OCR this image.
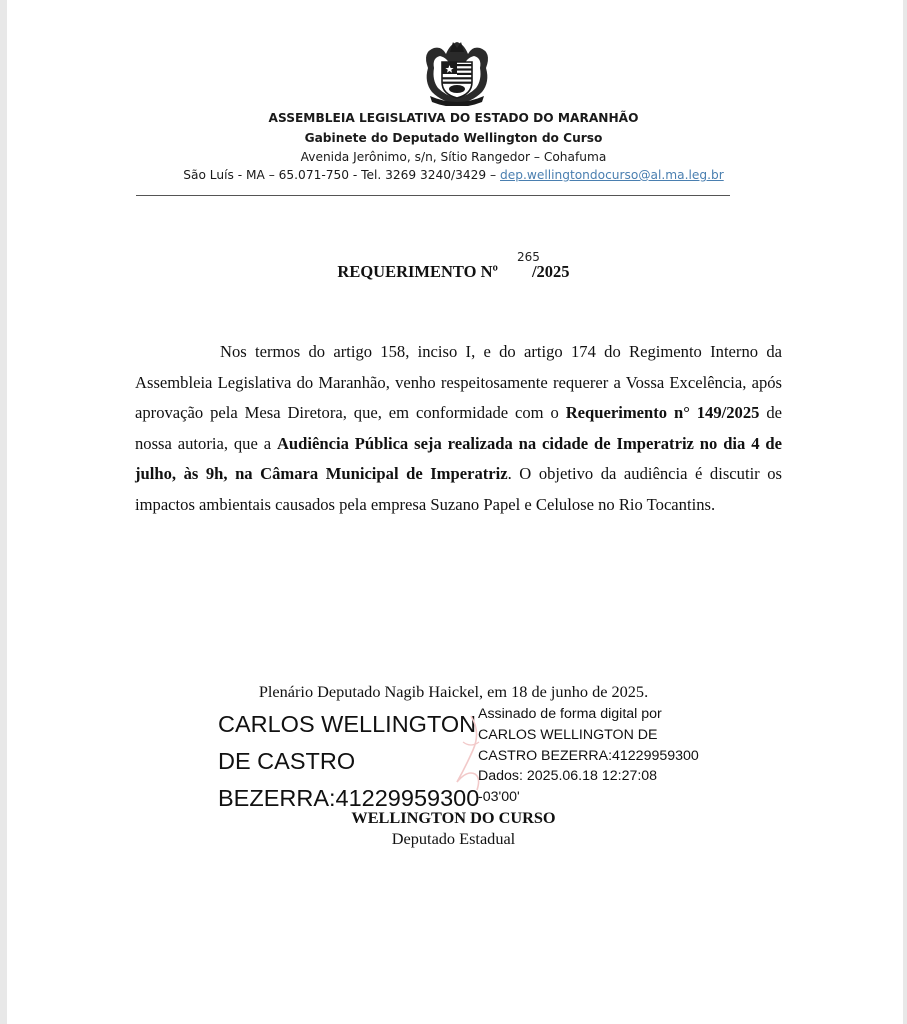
ASSEMBLEIA LEGISLATIVA DO ESTADO DO MARANHÃO
Gabinete do Deputado Wellington do Curso
Avenida Jerônimo, s/n, Sítio Rangedor – Cohafuma
São Luís - MA – 65.071-750 - Tel. 3269 3240/3429 – dep.wellingtondocurso@al.ma.leg.br
REQUERIMENTO Nº /2025
265

Nos termos do artigo 158, inciso I, e do artigo 174 do Regimento Interno da Assembleia Legislativa do Maranhão, venho respeitosamente requerer a Vossa Excelência, após aprovação pela Mesa Diretora, que, em conformidade com o Requerimento n° 149/2025 de nossa autoria, que a Audiência Pública seja realizada na cidade de Imperatriz no dia 4 de julho, às 9h, na Câmara Municipal de Imperatriz. O objetivo da audiência é discutir os impactos ambientais causados pela empresa Suzano Papel e Celulose no Rio Tocantins.

Plenário Deputado Nagib Haickel, em 18 de junho de 2025.
CARLOS WELLINGTON
DE CASTRO
BEZERRA:41229959300
Assinado de forma digital por
CARLOS WELLINGTON DE
CASTRO BEZERRA:41229959300
Dados: 2025.06.18 12:27:08
-03'00'
WELLINGTON DO CURSO
Deputado Estadual
